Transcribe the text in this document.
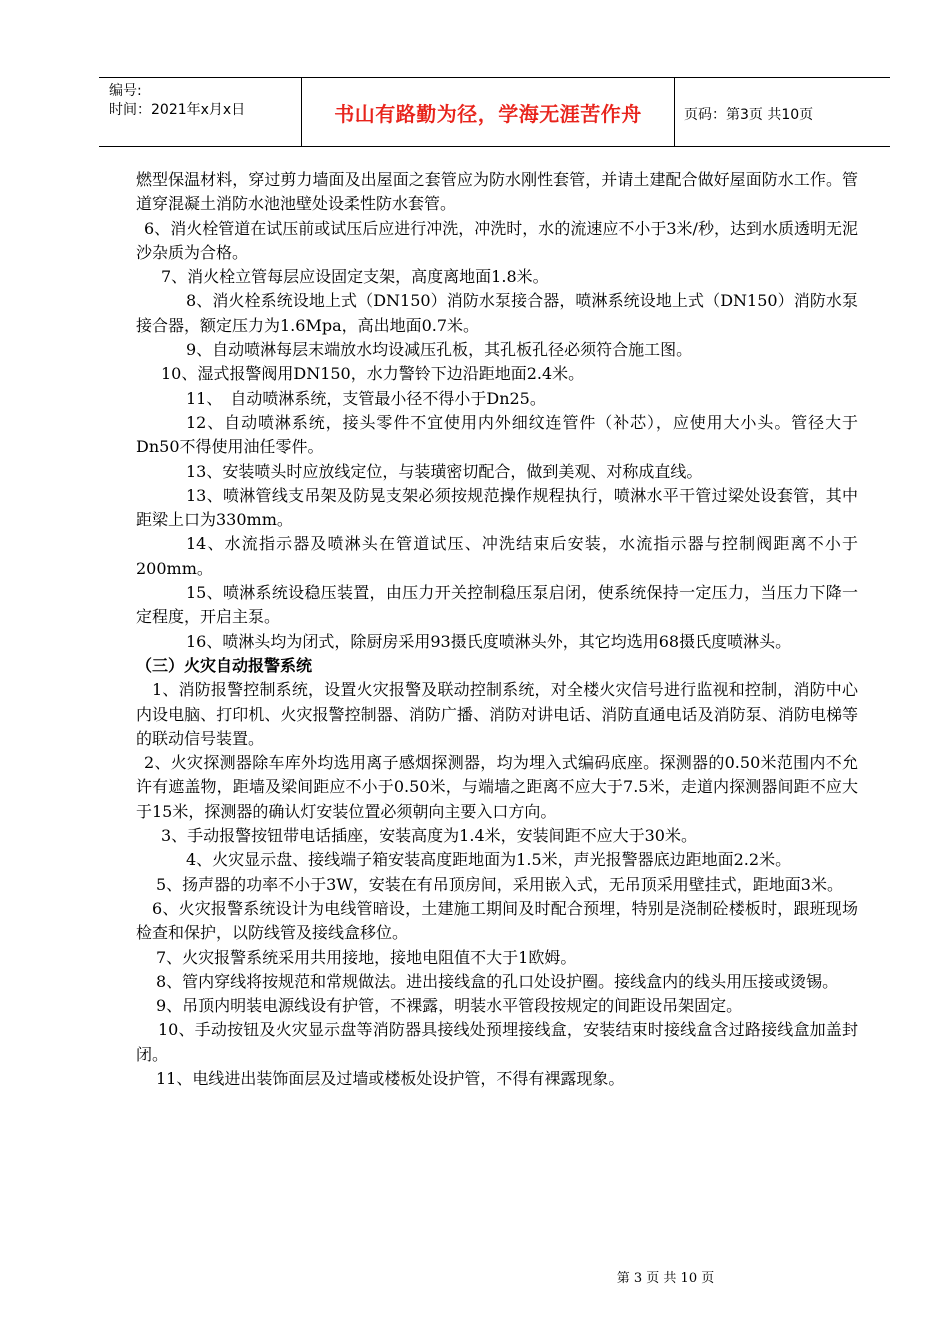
编号:
时间：2021年x月x日	书山有路勤为径，学海无涯苦作舟	页码：第3页 共10页

燃型保温材料，穿过剪力墙面及出屋面之套管应为防水刚性套管，并请土建配合做好屋面防水工作。管道穿混凝土消防水池池壁处设柔性防水套管。

6、消火栓管道在试压前或试压后应进行冲洗，冲洗时，水的流速应不小于3米/秒，达到水质透明无泥沙杂质为合格。

7、消火栓立管每层应设固定支架，高度离地面1.8米。

8、消火栓系统设地上式（DN150）消防水泵接合器，喷淋系统设地上式（DN150）消防水泵接合器，额定压力为1.6Mpa，高出地面0.7米。

9、自动喷淋每层末端放水均设减压孔板，其孔板孔径必须符合施工图。

10、湿式报警阀用DN150，水力警铃下边沿距地面2.4米。

11、　自动喷淋系统，支管最小径不得小于Dn25。

12、自动喷淋系统，接头零件不宜使用内外细纹连管件（补芯），应使用大小头。管径大于Dn50不得使用油任零件。

13、安装喷头时应放线定位，与装璜密切配合，做到美观、对称成直线。

13、喷淋管线支吊架及防晃支架必须按规范操作规程执行，喷淋水平干管过梁处设套管，其中距梁上口为330mm。

14、水流指示器及喷淋头在管道试压、冲洗结束后安装，水流指示器与控制阀距离不小于200mm。

15、喷淋系统设稳压装置，由压力开关控制稳压泵启闭，使系统保持一定压力，当压力下降一定程度，开启主泵。

16、喷淋头均为闭式，除厨房采用93摄氏度喷淋头外，其它均选用68摄氏度喷淋头。

（三）火灾自动报警系统

1、消防报警控制系统，设置火灾报警及联动控制系统，对全楼火灾信号进行监视和控制，消防中心内设电脑、打印机、火灾报警控制器、消防广播、消防对讲电话、消防直通电话及消防泵、消防电梯等的联动信号装置。

2、火灾探测器除车库外均选用离子感烟探测器，均为埋入式编码底座。探测器的0.50米范围内不允许有遮盖物，距墙及梁间距应不小于0.50米，与端墙之距离不应大于7.5米，走道内探测器间距不应大于15米，探测器的确认灯安装位置必须朝向主要入口方向。

3、手动报警按钮带电话插座，安装高度为1.4米，安装间距不应大于30米。

4、火灾显示盘、接线端子箱安装高度距地面为1.5米，声光报警器底边距地面2.2米。

5、扬声器的功率不小于3W，安装在有吊顶房间，采用嵌入式，无吊顶采用壁挂式，距地面3米。

6、火灾报警系统设计为电线管暗设，土建施工期间及时配合预埋，特别是浇制砼楼板时，跟班现场检查和保护，以防线管及接线盒移位。

7、火灾报警系统采用共用接地，接地电阻值不大于1欧姆。

8、管内穿线将按规范和常规做法。进出接线盒的孔口处设护圈。接线盒内的线头用压接或烫锡。

9、吊顶内明装电源线设有护管，不裸露，明装水平管段按规定的间距设吊架固定。

10、手动按钮及火灾显示盘等消防器具接线处预埋接线盒，安装结束时接线盒含过路接线盒加盖封闭。

11、电线进出装饰面层及过墙或楼板处设护管，不得有裸露现象。

第 3 页 共 10 页
